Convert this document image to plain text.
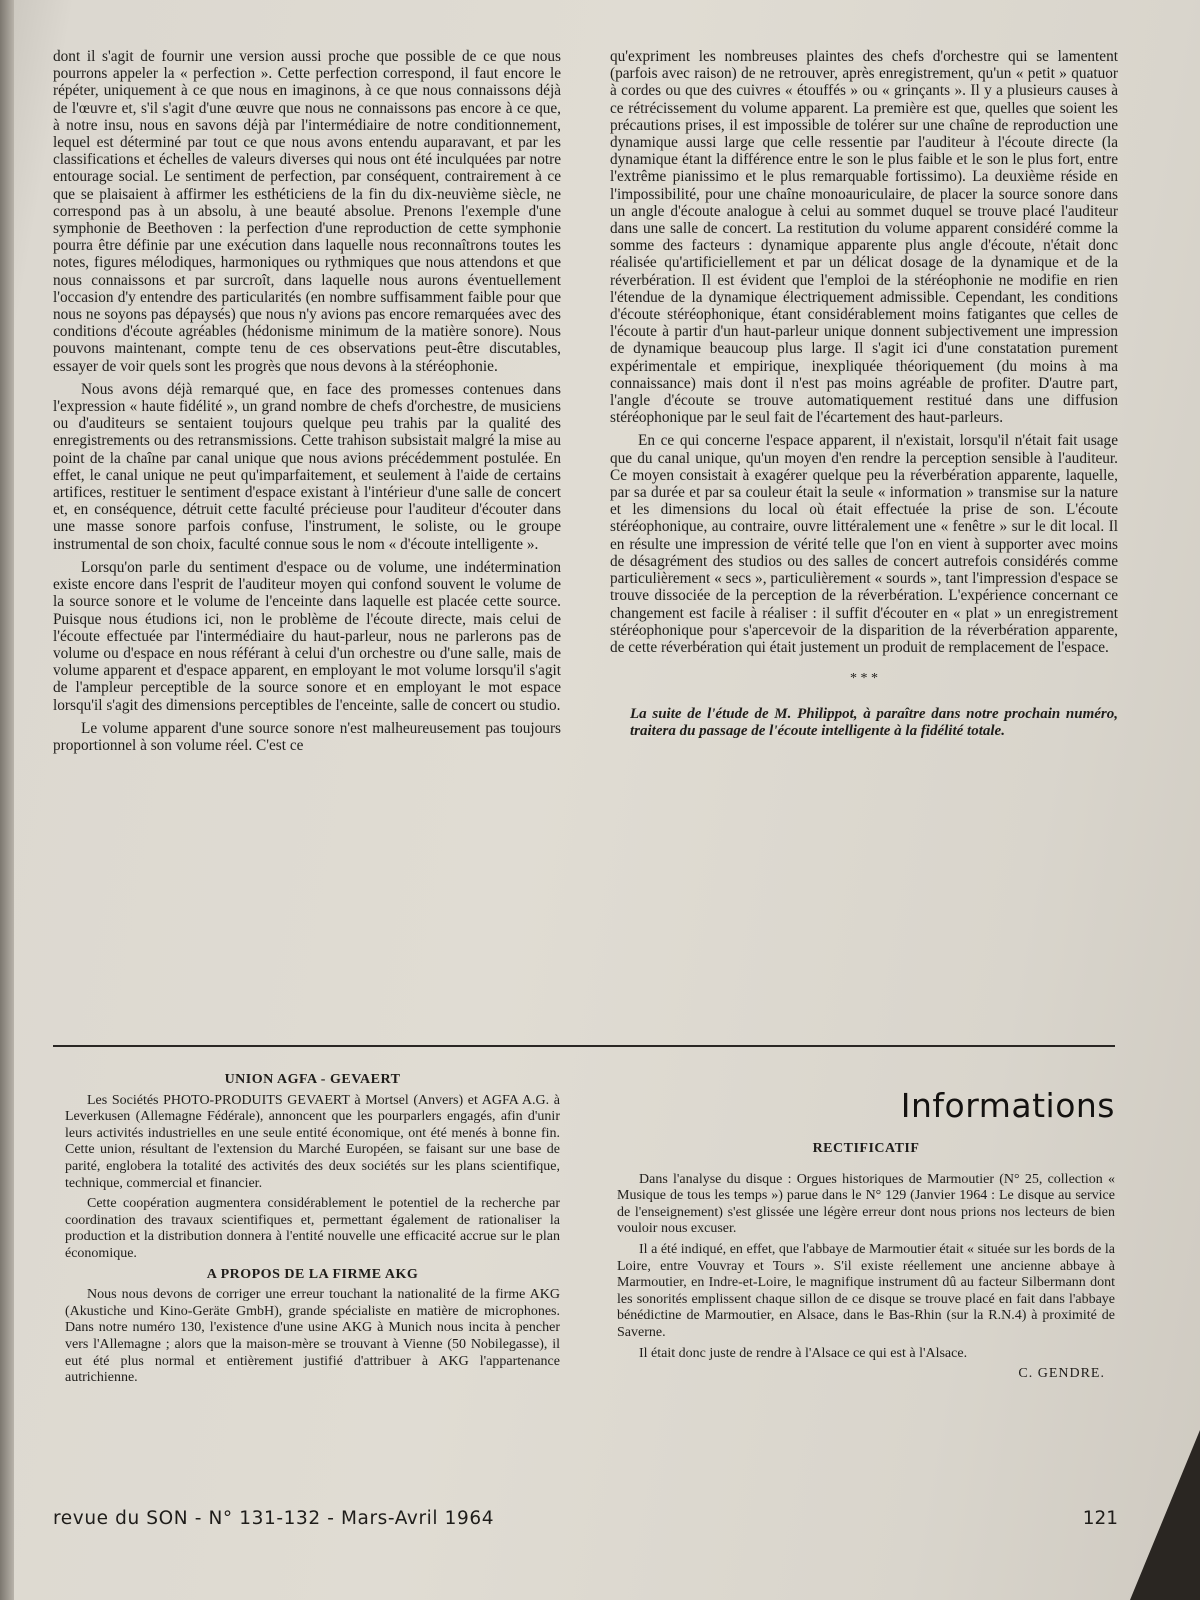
dont il s'agit de fournir une version aussi proche que possible de ce que nous pourrons appeler la « perfection ». Cette perfection correspond, il faut encore le répéter, uniquement à ce que nous en imaginons, à ce que nous connaissons déjà de l'œuvre et, s'il s'agit d'une œuvre que nous ne connaissons pas encore à ce que, à notre insu, nous en savons déjà par l'intermédiaire de notre conditionnement, lequel est déterminé par tout ce que nous avons entendu auparavant, et par les classifications et échelles de valeurs diverses qui nous ont été inculquées par notre entourage social. Le sentiment de perfection, par conséquent, contrairement à ce que se plaisaient à affirmer les esthéticiens de la fin du dix-neuvième siècle, ne correspond pas à un absolu, à une beauté absolue. Prenons l'exemple d'une symphonie de Beethoven : la perfection d'une reproduction de cette symphonie pourra être définie par une exécution dans laquelle nous reconnaîtrons toutes les notes, figures mélodiques, harmoniques ou rythmiques que nous attendons et que nous connaissons et par surcroît, dans laquelle nous aurons éventuellement l'occasion d'y entendre des particularités (en nombre suffisamment faible pour que nous ne soyons pas dépaysés) que nous n'y avions pas encore remarquées avec des conditions d'écoute agréables (hédonisme minimum de la matière sonore). Nous pouvons maintenant, compte tenu de ces observations peut-être discutables, essayer de voir quels sont les progrès que nous devons à la stéréophonie.

Nous avons déjà remarqué que, en face des promesses contenues dans l'expression « haute fidélité », un grand nombre de chefs d'orchestre, de musiciens ou d'auditeurs se sentaient toujours quelque peu trahis par la qualité des enregistrements ou des retransmissions. Cette trahison subsistait malgré la mise au point de la chaîne par canal unique que nous avions précédemment postulée. En effet, le canal unique ne peut qu'imparfaitement, et seulement à l'aide de certains artifices, restituer le sentiment d'espace existant à l'intérieur d'une salle de concert et, en conséquence, détruit cette faculté précieuse pour l'auditeur d'écouter dans une masse sonore parfois confuse, l'instrument, le soliste, ou le groupe instrumental de son choix, faculté connue sous le nom « d'écoute intelligente ».

Lorsqu'on parle du sentiment d'espace ou de volume, une indétermination existe encore dans l'esprit de l'auditeur moyen qui confond souvent le volume de la source sonore et le volume de l'enceinte dans laquelle est placée cette source. Puisque nous étudions ici, non le problème de l'écoute directe, mais celui de l'écoute effectuée par l'intermédiaire du haut-parleur, nous ne parlerons pas de volume ou d'espace en nous référant à celui d'un orchestre ou d'une salle, mais de volume apparent et d'espace apparent, en employant le mot volume lorsqu'il s'agit de l'ampleur perceptible de la source sonore et en employant le mot espace lorsqu'il s'agit des dimensions perceptibles de l'enceinte, salle de concert ou studio.

Le volume apparent d'une source sonore n'est malheureusement pas toujours proportionnel à son volume réel. C'est ce

qu'expriment les nombreuses plaintes des chefs d'orchestre qui se lamentent (parfois avec raison) de ne retrouver, après enregistrement, qu'un « petit » quatuor à cordes ou que des cuivres « étouffés » ou « grinçants ». Il y a plusieurs causes à ce rétrécissement du volume apparent. La première est que, quelles que soient les précautions prises, il est impossible de tolérer sur une chaîne de reproduction une dynamique aussi large que celle ressentie par l'auditeur à l'écoute directe (la dynamique étant la différence entre le son le plus faible et le son le plus fort, entre l'extrême pianissimo et le plus remarquable fortissimo). La deuxième réside en l'impossibilité, pour une chaîne monoauriculaire, de placer la source sonore dans un angle d'écoute analogue à celui au sommet duquel se trouve placé l'auditeur dans une salle de concert. La restitution du volume apparent considéré comme la somme des facteurs : dynamique apparente plus angle d'écoute, n'était donc réalisée qu'artificiellement et par un délicat dosage de la dynamique et de la réverbération. Il est évident que l'emploi de la stéréophonie ne modifie en rien l'étendue de la dynamique électriquement admissible. Cependant, les conditions d'écoute stéréophonique, étant considérablement moins fatigantes que celles de l'écoute à partir d'un haut-parleur unique donnent subjectivement une impression de dynamique beaucoup plus large. Il s'agit ici d'une constatation purement expérimentale et empirique, inexpliquée théoriquement (du moins à ma connaissance) mais dont il n'est pas moins agréable de profiter. D'autre part, l'angle d'écoute se trouve automatiquement restitué dans une diffusion stéréophonique par le seul fait de l'écartement des haut-parleurs.

En ce qui concerne l'espace apparent, il n'existait, lorsqu'il n'était fait usage que du canal unique, qu'un moyen d'en rendre la perception sensible à l'auditeur. Ce moyen consistait à exagérer quelque peu la réverbération apparente, laquelle, par sa durée et par sa couleur était la seule « information » transmise sur la nature et les dimensions du local où était effectuée la prise de son. L'écoute stéréophonique, au contraire, ouvre littéralement une « fenêtre » sur le dit local. Il en résulte une impression de vérité telle que l'on en vient à supporter avec moins de désagrément des studios ou des salles de concert autrefois considérés comme particulièrement « secs », particulièrement « sourds », tant l'impression d'espace se trouve dissociée de la perception de la réverbération. L'expérience concernant ce changement est facile à réaliser : il suffit d'écouter en « plat » un enregistrement stéréophonique pour s'apercevoir de la disparition de la réverbération apparente, de cette réverbération qui était justement un produit de remplacement de l'espace.

* * *
La suite de l'étude de M. Philippot, à paraître dans notre prochain numéro, traitera du passage de l'écoute intelligente à la fidélité totale.
UNION AGFA - GEVAERT

Les Sociétés PHOTO-PRODUITS GEVAERT à Mortsel (Anvers) et AGFA A.G. à Leverkusen (Allemagne Fédérale), annoncent que les pourparlers engagés, afin d'unir leurs activités industrielles en une seule entité économique, ont été menés à bonne fin. Cette union, résultant de l'extension du Marché Européen, se faisant sur une base de parité, englobera la totalité des activités des deux sociétés sur les plans scientifique, technique, commercial et financier.

Cette coopération augmentera considérablement le potentiel de la recherche par coordination des travaux scientifiques et, permettant également de rationaliser la production et la distribution donnera à l'entité nouvelle une efficacité accrue sur le plan économique.

A PROPOS DE LA FIRME AKG

Nous nous devons de corriger une erreur touchant la nationalité de la firme AKG (Akustiche und Kino-Geräte GmbH), grande spécialiste en matière de microphones. Dans notre numéro 130, l'existence d'une usine AKG à Munich nous incita à pencher vers l'Allemagne ; alors que la maison-mère se trouvant à Vienne (50 Nobilegasse), il eut été plus normal et entièrement justifié d'attribuer à AKG l'appartenance autrichienne.

Informations
RECTIFICATIF

Dans l'analyse du disque : Orgues historiques de Marmoutier (N° 25, collection « Musique de tous les temps ») parue dans le N° 129 (Janvier 1964 : Le disque au service de l'enseignement) s'est glissée une légère erreur dont nous prions nos lecteurs de bien vouloir nous excuser.

Il a été indiqué, en effet, que l'abbaye de Marmoutier était « située sur les bords de la Loire, entre Vouvray et Tours ». S'il existe réellement une ancienne abbaye à Marmoutier, en Indre-et-Loire, le magnifique instrument dû au facteur Silbermann dont les sonorités emplissent chaque sillon de ce disque se trouve placé en fait dans l'abbaye bénédictine de Marmoutier, en Alsace, dans le Bas-Rhin (sur la R.N.4) à proximité de Saverne.

Il était donc juste de rendre à l'Alsace ce qui est à l'Alsace.

C. GENDRE.
revue du SON - N° 131-132 - Mars-Avril 1964	121
